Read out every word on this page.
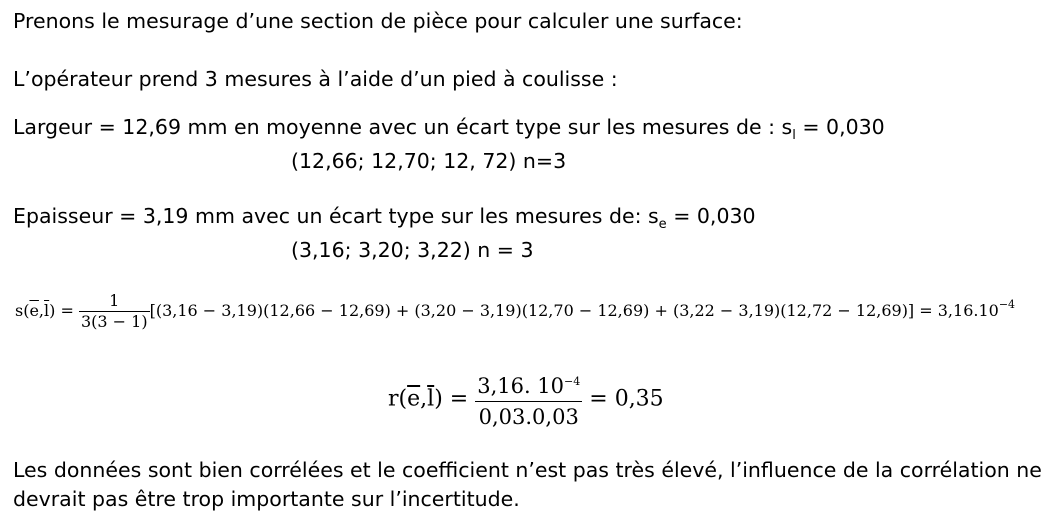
Prenons le mesurage d’une section de pièce pour calculer une surface:
L’opérateur prend 3 mesures à l’aide d’un pied à coulisse :
Largeur = 12,69 mm en moyenne avec un écart type sur les mesures de : $s_l = 0,030$
(12,66; 12,70; 12, 72) n=3
Epaisseur = 3,19 mm avec un écart type sur les mesures de: $s_e = 0,030$
(3,16; 3,20; 3,22) n = 3
$s(\overline{e},\overline{l}) = \frac{1}{3(3 - 1)} [(3,16 - 3,19)(12,66 - 12,69) + (3,20 - 3,19)(12,70 - 12,69) + (3,22 - 3,19)(12,72 - 12,69)] = 3,16.10^{-4}$
$r(\overline{e},\overline{l}) = \frac{3,16. 10^{-4}}{0,03.0,03} = 0,35$
Les données sont bien corrélées et le coefficient n’est pas très élevé, l’influence de la corrélation ne
devrait pas être trop importante sur l’incertitude.
